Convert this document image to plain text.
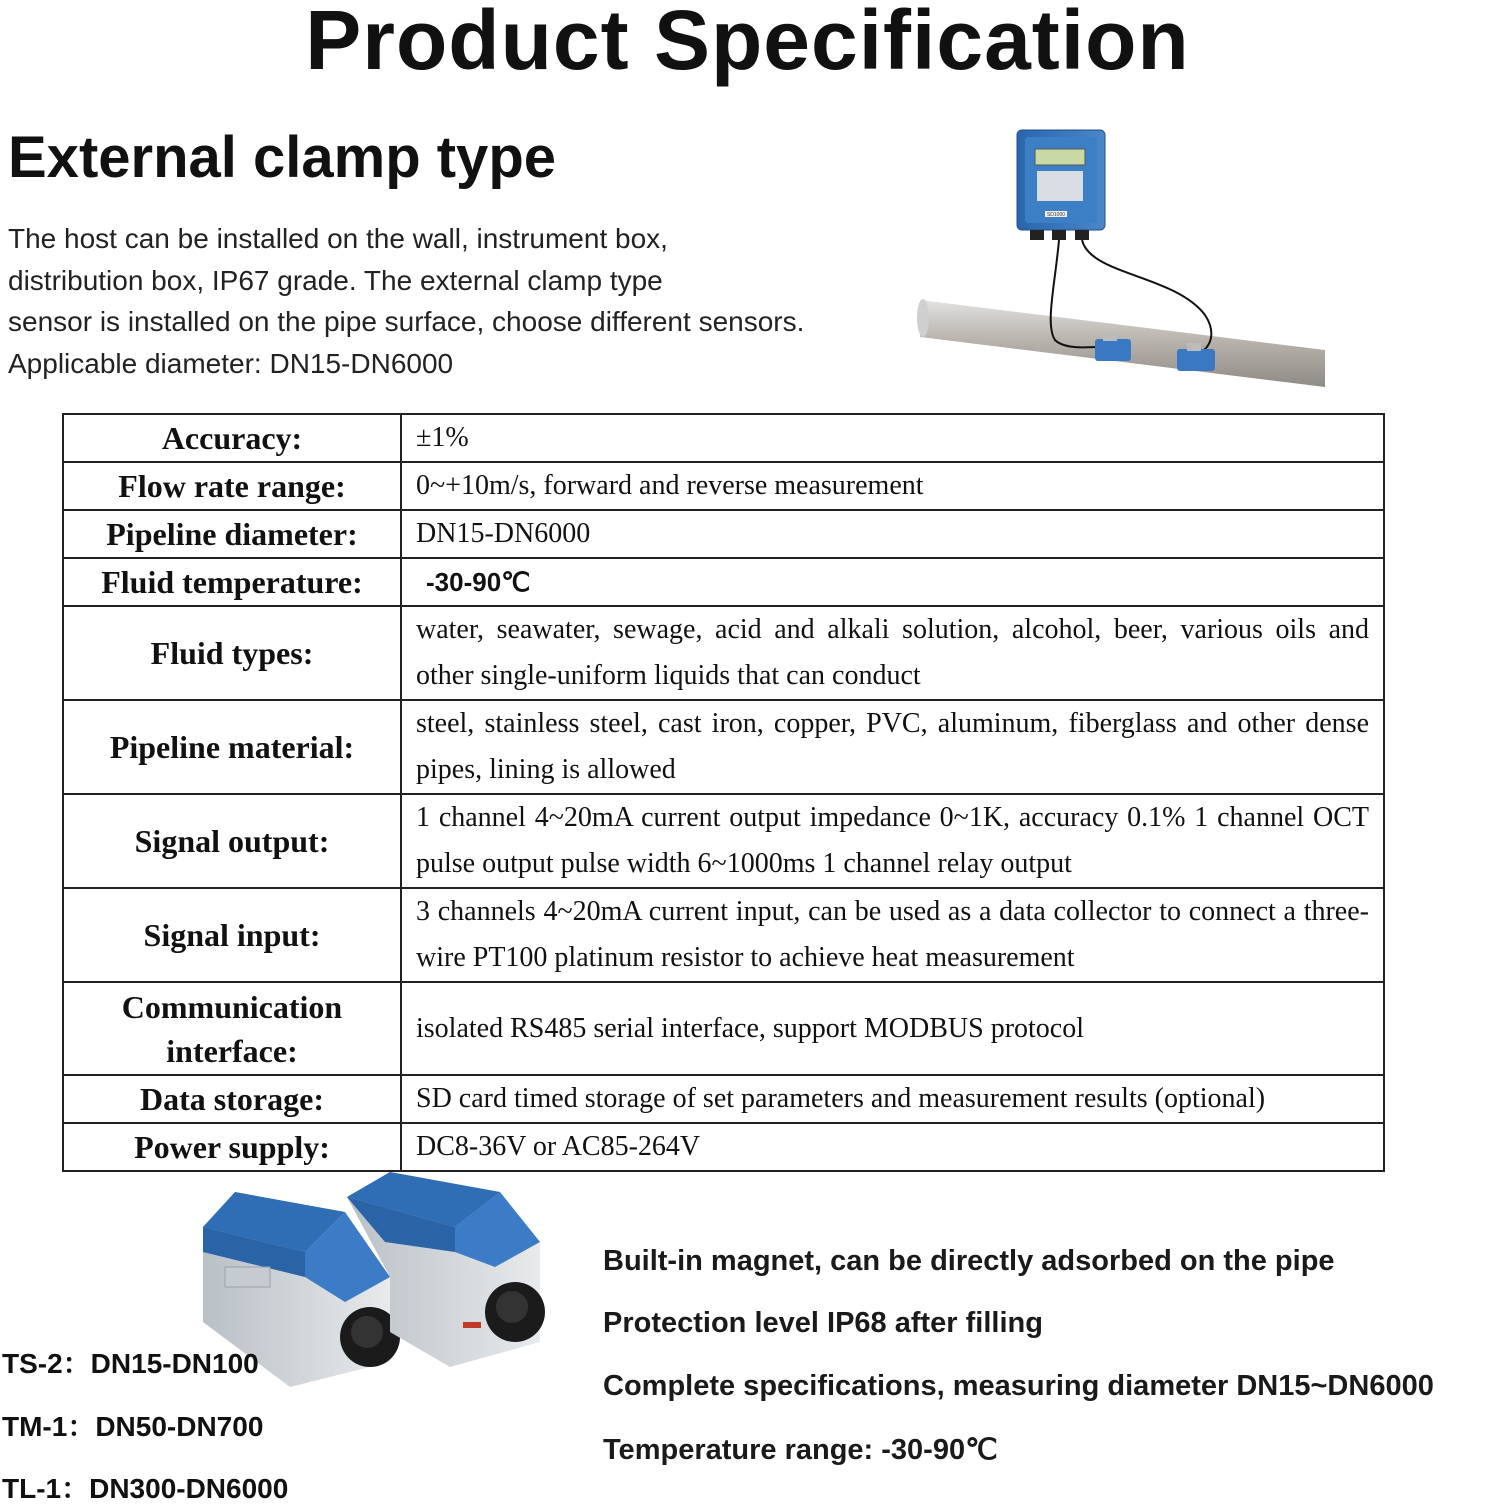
Product Specification
External clamp type
The host can be installed on the wall, instrument box,
distribution box, IP67 grade. The external clamp type
sensor is installed on the pipe surface, choose different sensors.
Applicable diameter: DN15-DN6000
SD1000
Accuracy:	±1%
Flow rate range:	0~+10m/s, forward and reverse measurement
Pipeline diameter:	DN15-DN6000
Fluid temperature:	-30-90℃
Fluid types:	water, seawater, sewage, acid and alkali solution, alcohol, beer, various oils and other single-uniform liquids that can conduct
Pipeline material:	steel, stainless steel, cast iron, copper, PVC, aluminum, fiberglass and other dense pipes, lining is allowed
Signal output:	1 channel 4~20mA current output impedance 0~1K, accuracy 0.1% 1 channel OCT pulse output pulse width 6~1000ms 1 channel relay output
Signal input:	3 channels 4~20mA current input, can be used as a data collector to connect a three-wire PT100 platinum resistor to achieve heat measurement
Communication interface:	isolated RS485 serial interface, support MODBUS protocol
Data storage:	SD card timed storage of set parameters and measurement results (optional)
Power supply:	DC8-36V or AC85-264V
TS-2：DN15-DN100
TM-1：DN50-DN700
TL-1：DN300-DN6000
Built-in magnet, can be directly adsorbed on the pipe
Protection level IP68 after filling
Complete specifications, measuring diameter DN15~DN6000
Temperature range: -30-90℃
